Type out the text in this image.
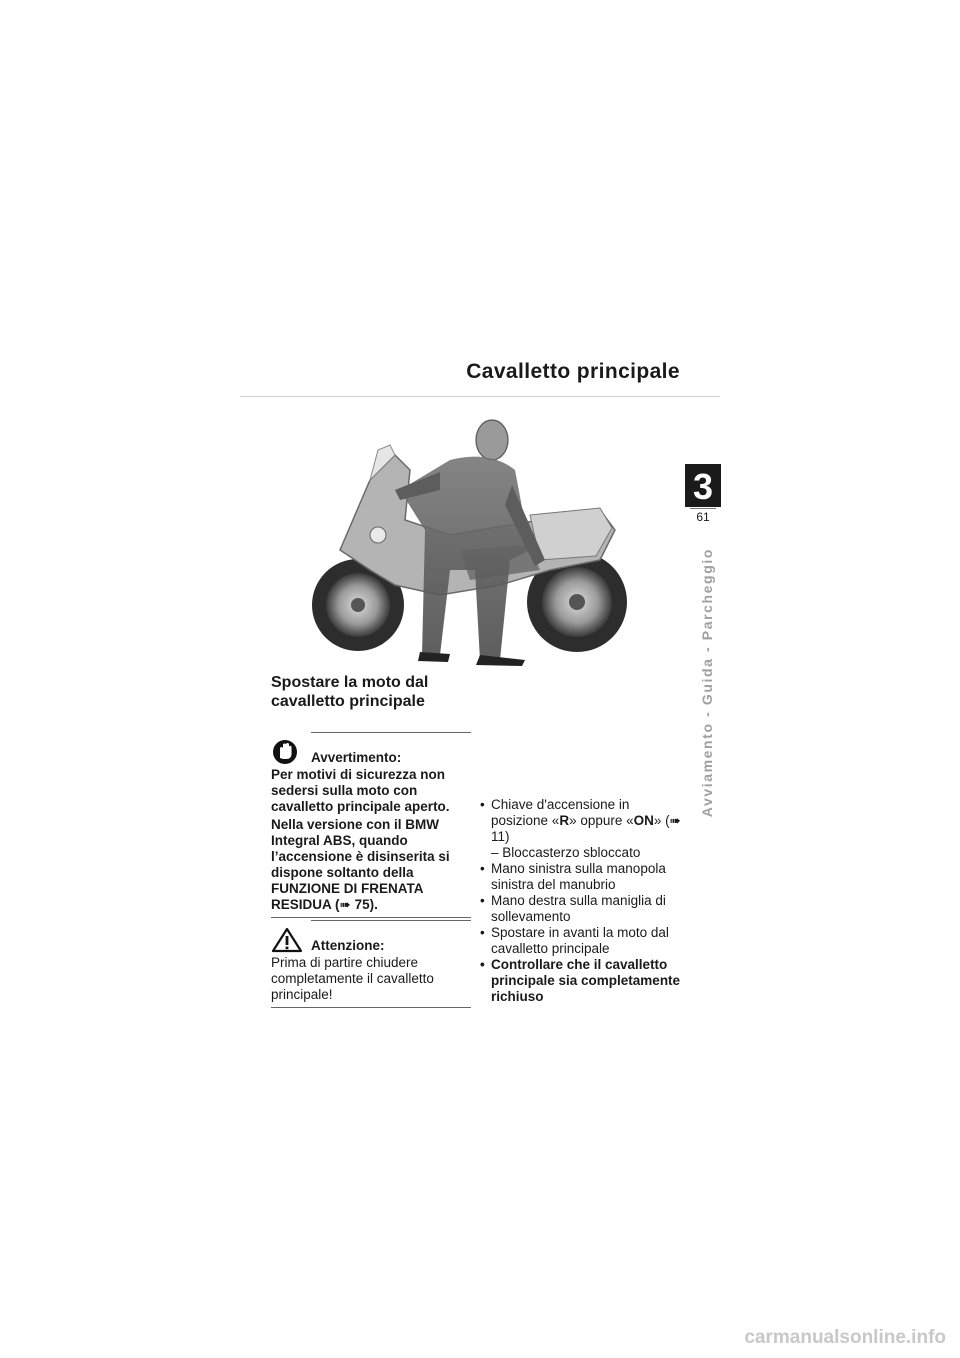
Cavalletto principale
3
61
Avviamento - Guida - Parcheggio
Spostare la moto dal cavalletto principale
Avvertimento:
Per motivi di sicurezza non sedersi sulla moto con cavalletto principale aperto.
Nella versione con il BMW Integral ABS, quando l’accensione è disinserita si dispone soltanto della FUNZIONE DI FRENATA RESIDUA (➠ 75).
Attenzione:
Prima di partire chiudere completamente il cavalletto principale!
• Chiave d'accensione in posizione «R» oppure «ON» (➠ 11)
– Bloccasterzo sbloccato
• Mano sinistra sulla manopola sinistra del manubrio
• Mano destra sulla maniglia di sollevamento
• Spostare in avanti la moto dal cavalletto principale
• Controllare che il cavalletto principale sia completamente richiuso
carmanualsonline.info
